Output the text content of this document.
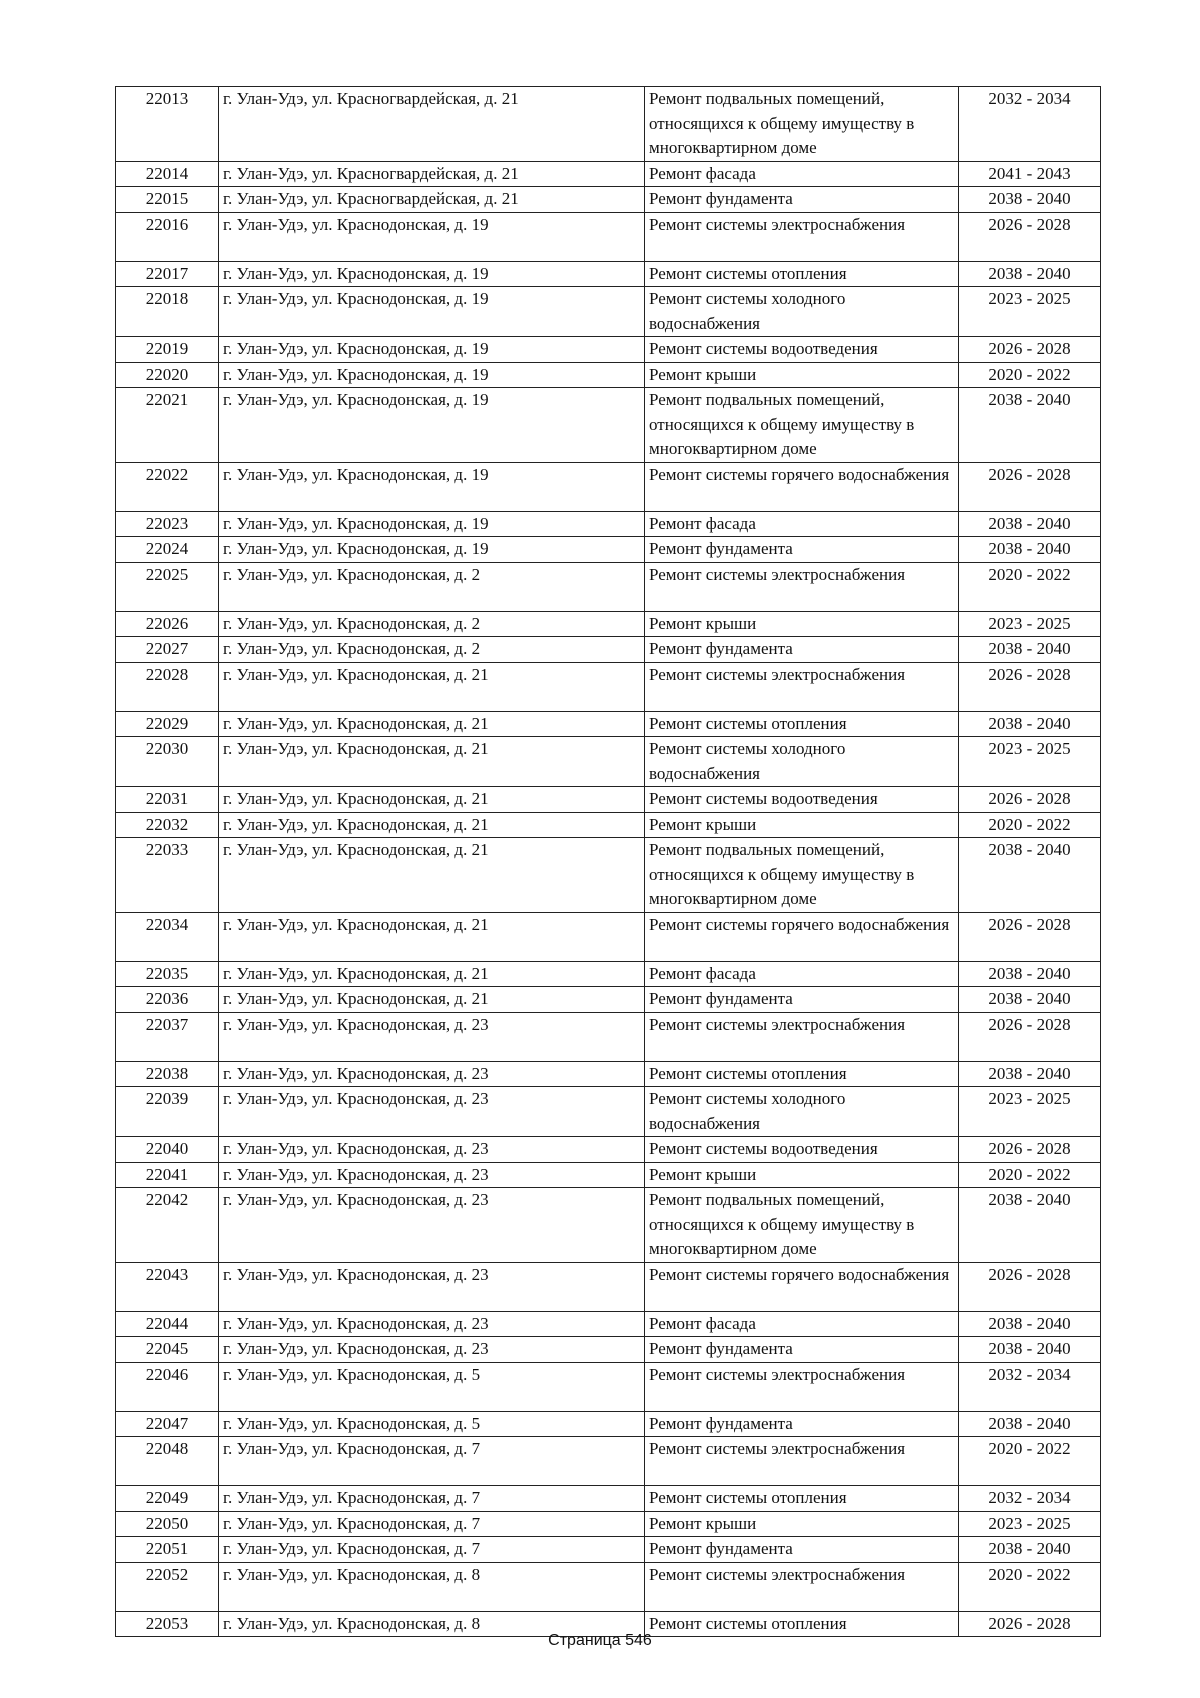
22013	г. Улан-Удэ, ул. Красногвардейская, д. 21	Ремонт подвальных помещений, относящихся к общему имуществу в многоквартирном доме	2032 - 2034
22014	г. Улан-Удэ, ул. Красногвардейская, д. 21	Ремонт фасада	2041 - 2043
22015	г. Улан-Удэ, ул. Красногвардейская, д. 21	Ремонт фундамента	2038 - 2040
22016	г. Улан-Удэ, ул. Краснодонская, д. 19	Ремонт системы электроснабжения	2026 - 2028
22017	г. Улан-Удэ, ул. Краснодонская, д. 19	Ремонт системы отопления	2038 - 2040
22018	г. Улан-Удэ, ул. Краснодонская, д. 19	Ремонт системы холодного водоснабжения	2023 - 2025
22019	г. Улан-Удэ, ул. Краснодонская, д. 19	Ремонт системы водоотведения	2026 - 2028
22020	г. Улан-Удэ, ул. Краснодонская, д. 19	Ремонт крыши	2020 - 2022
22021	г. Улан-Удэ, ул. Краснодонская, д. 19	Ремонт подвальных помещений, относящихся к общему имуществу в многоквартирном доме	2038 - 2040
22022	г. Улан-Удэ, ул. Краснодонская, д. 19	Ремонт системы горячего водоснабжения	2026 - 2028
22023	г. Улан-Удэ, ул. Краснодонская, д. 19	Ремонт фасада	2038 - 2040
22024	г. Улан-Удэ, ул. Краснодонская, д. 19	Ремонт фундамента	2038 - 2040
22025	г. Улан-Удэ, ул. Краснодонская, д. 2	Ремонт системы электроснабжения	2020 - 2022
22026	г. Улан-Удэ, ул. Краснодонская, д. 2	Ремонт крыши	2023 - 2025
22027	г. Улан-Удэ, ул. Краснодонская, д. 2	Ремонт фундамента	2038 - 2040
22028	г. Улан-Удэ, ул. Краснодонская, д. 21	Ремонт системы электроснабжения	2026 - 2028
22029	г. Улан-Удэ, ул. Краснодонская, д. 21	Ремонт системы отопления	2038 - 2040
22030	г. Улан-Удэ, ул. Краснодонская, д. 21	Ремонт системы холодного водоснабжения	2023 - 2025
22031	г. Улан-Удэ, ул. Краснодонская, д. 21	Ремонт системы водоотведения	2026 - 2028
22032	г. Улан-Удэ, ул. Краснодонская, д. 21	Ремонт крыши	2020 - 2022
22033	г. Улан-Удэ, ул. Краснодонская, д. 21	Ремонт подвальных помещений, относящихся к общему имуществу в многоквартирном доме	2038 - 2040
22034	г. Улан-Удэ, ул. Краснодонская, д. 21	Ремонт системы горячего водоснабжения	2026 - 2028
22035	г. Улан-Удэ, ул. Краснодонская, д. 21	Ремонт фасада	2038 - 2040
22036	г. Улан-Удэ, ул. Краснодонская, д. 21	Ремонт фундамента	2038 - 2040
22037	г. Улан-Удэ, ул. Краснодонская, д. 23	Ремонт системы электроснабжения	2026 - 2028
22038	г. Улан-Удэ, ул. Краснодонская, д. 23	Ремонт системы отопления	2038 - 2040
22039	г. Улан-Удэ, ул. Краснодонская, д. 23	Ремонт системы холодного водоснабжения	2023 - 2025
22040	г. Улан-Удэ, ул. Краснодонская, д. 23	Ремонт системы водоотведения	2026 - 2028
22041	г. Улан-Удэ, ул. Краснодонская, д. 23	Ремонт крыши	2020 - 2022
22042	г. Улан-Удэ, ул. Краснодонская, д. 23	Ремонт подвальных помещений, относящихся к общему имуществу в многоквартирном доме	2038 - 2040
22043	г. Улан-Удэ, ул. Краснодонская, д. 23	Ремонт системы горячего водоснабжения	2026 - 2028
22044	г. Улан-Удэ, ул. Краснодонская, д. 23	Ремонт фасада	2038 - 2040
22045	г. Улан-Удэ, ул. Краснодонская, д. 23	Ремонт фундамента	2038 - 2040
22046	г. Улан-Удэ, ул. Краснодонская, д. 5	Ремонт системы электроснабжения	2032 - 2034
22047	г. Улан-Удэ, ул. Краснодонская, д. 5	Ремонт фундамента	2038 - 2040
22048	г. Улан-Удэ, ул. Краснодонская, д. 7	Ремонт системы электроснабжения	2020 - 2022
22049	г. Улан-Удэ, ул. Краснодонская, д. 7	Ремонт системы отопления	2032 - 2034
22050	г. Улан-Удэ, ул. Краснодонская, д. 7	Ремонт крыши	2023 - 2025
22051	г. Улан-Удэ, ул. Краснодонская, д. 7	Ремонт фундамента	2038 - 2040
22052	г. Улан-Удэ, ул. Краснодонская, д. 8	Ремонт системы электроснабжения	2020 - 2022
22053	г. Улан-Удэ, ул. Краснодонская, д. 8	Ремонт системы отопления	2026 - 2028
Страница 546
